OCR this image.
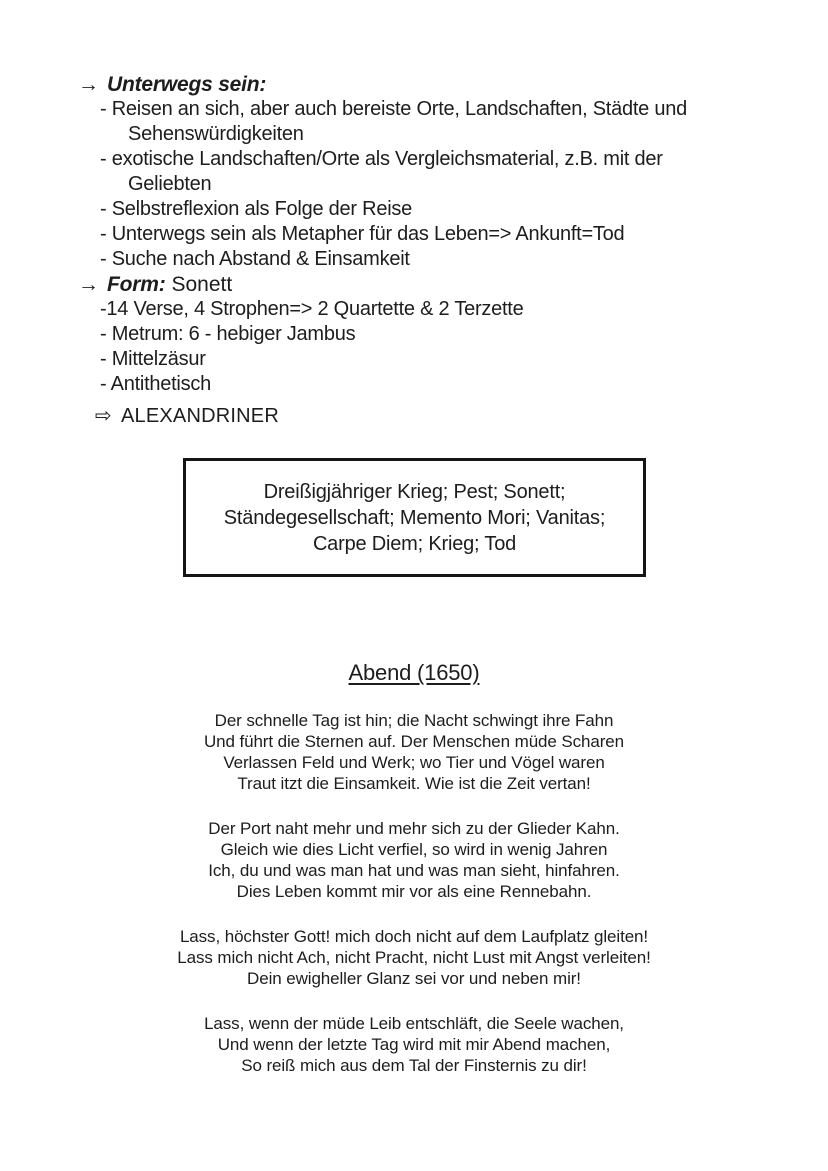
→ Unterwegs sein:
- Reisen an sich, aber auch bereiste Orte, Landschaften, Städte und
Sehenswürdigkeiten
- exotische Landschaften/Orte als Vergleichsmaterial, z.B. mit der
Geliebten
- Selbstreflexion als Folge der Reise
- Unterwegs sein als Metapher für das Leben=> Ankunft=Tod
- Suche nach Abstand & Einsamkeit
→ Form: Sonett
-14 Verse, 4 Strophen=> 2 Quartette & 2 Terzette
- Metrum: 6 - hebiger Jambus
- Mittelzäsur
- Antithetisch
⇨ ALEXANDRINER
Dreißigjähriger Krieg; Pest; Sonett;
Ständegesellschaft; Memento Mori; Vanitas;
Carpe Diem; Krieg; Tod
Abend (1650)
Der schnelle Tag ist hin; die Nacht schwingt ihre Fahn
Und führt die Sternen auf. Der Menschen müde Scharen
Verlassen Feld und Werk; wo Tier und Vögel waren
Traut itzt die Einsamkeit. Wie ist die Zeit vertan!
Der Port naht mehr und mehr sich zu der Glieder Kahn.
Gleich wie dies Licht verfiel, so wird in wenig Jahren
Ich, du und was man hat und was man sieht, hinfahren.
Dies Leben kommt mir vor als eine Rennebahn.
Lass, höchster Gott! mich doch nicht auf dem Laufplatz gleiten!
Lass mich nicht Ach, nicht Pracht, nicht Lust mit Angst verleiten!
Dein ewigheller Glanz sei vor und neben mir!
Lass, wenn der müde Leib entschläft, die Seele wachen,
Und wenn der letzte Tag wird mit mir Abend machen,
So reiß mich aus dem Tal der Finsternis zu dir!
